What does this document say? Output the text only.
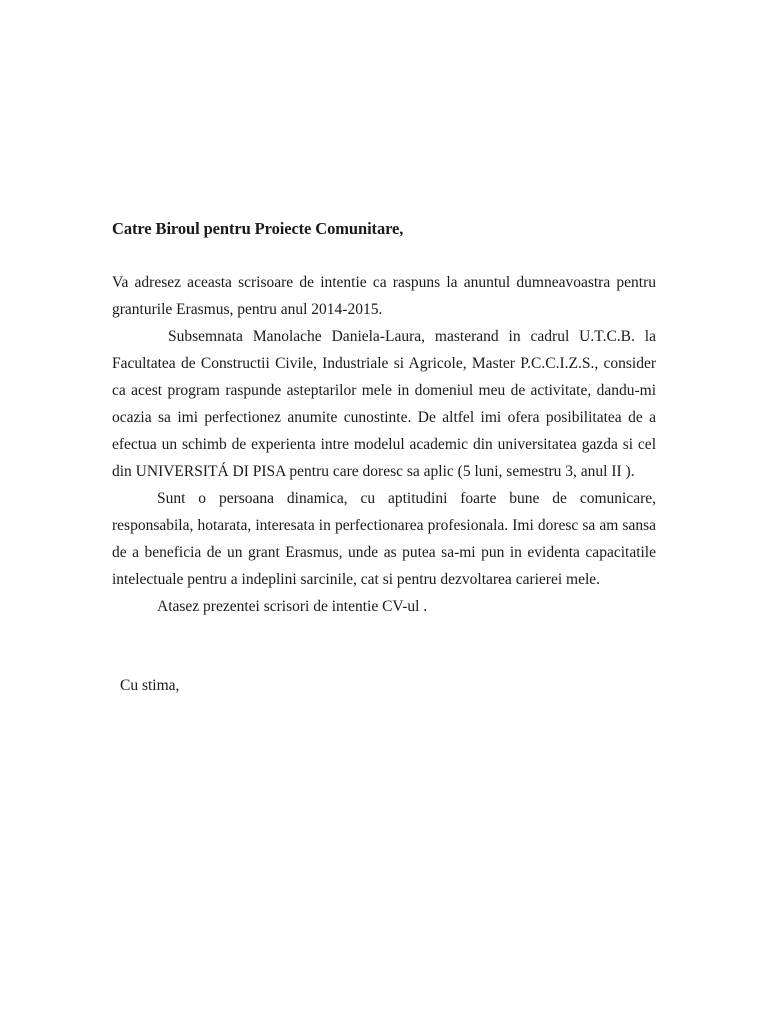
Catre Biroul pentru Proiecte Comunitare,

Va adresez aceasta scrisoare de intentie ca raspuns la anuntul dumneavoastra pentru granturile Erasmus, pentru anul 2014-2015.

Subsemnata Manolache Daniela-Laura, masterand in cadrul U.T.C.B. la Facultatea de Constructii Civile, Industriale si Agricole, Master P.C.C.I.Z.S., consider ca acest program raspunde asteptarilor mele in domeniul meu de activitate, dandu-mi ocazia sa imi perfectionez anumite cunostinte. De altfel imi ofera posibilitatea de a efectua un schimb de experienta intre modelul academic din universitatea gazda si cel din UNIVERSITÁ DI PISA pentru care doresc sa aplic (5 luni, semestru 3, anul II ).

Sunt o persoana dinamica, cu aptitudini foarte bune de comunicare, responsabila, hotarata, interesata in perfectionarea profesionala. Imi doresc sa am sansa de a beneficia de un grant Erasmus, unde as putea sa-mi pun in evidenta capacitatile intelectuale pentru a indeplini sarcinile, cat si pentru dezvoltarea carierei mele.

Atasez prezentei scrisori de intentie CV-ul .

Cu stima,
